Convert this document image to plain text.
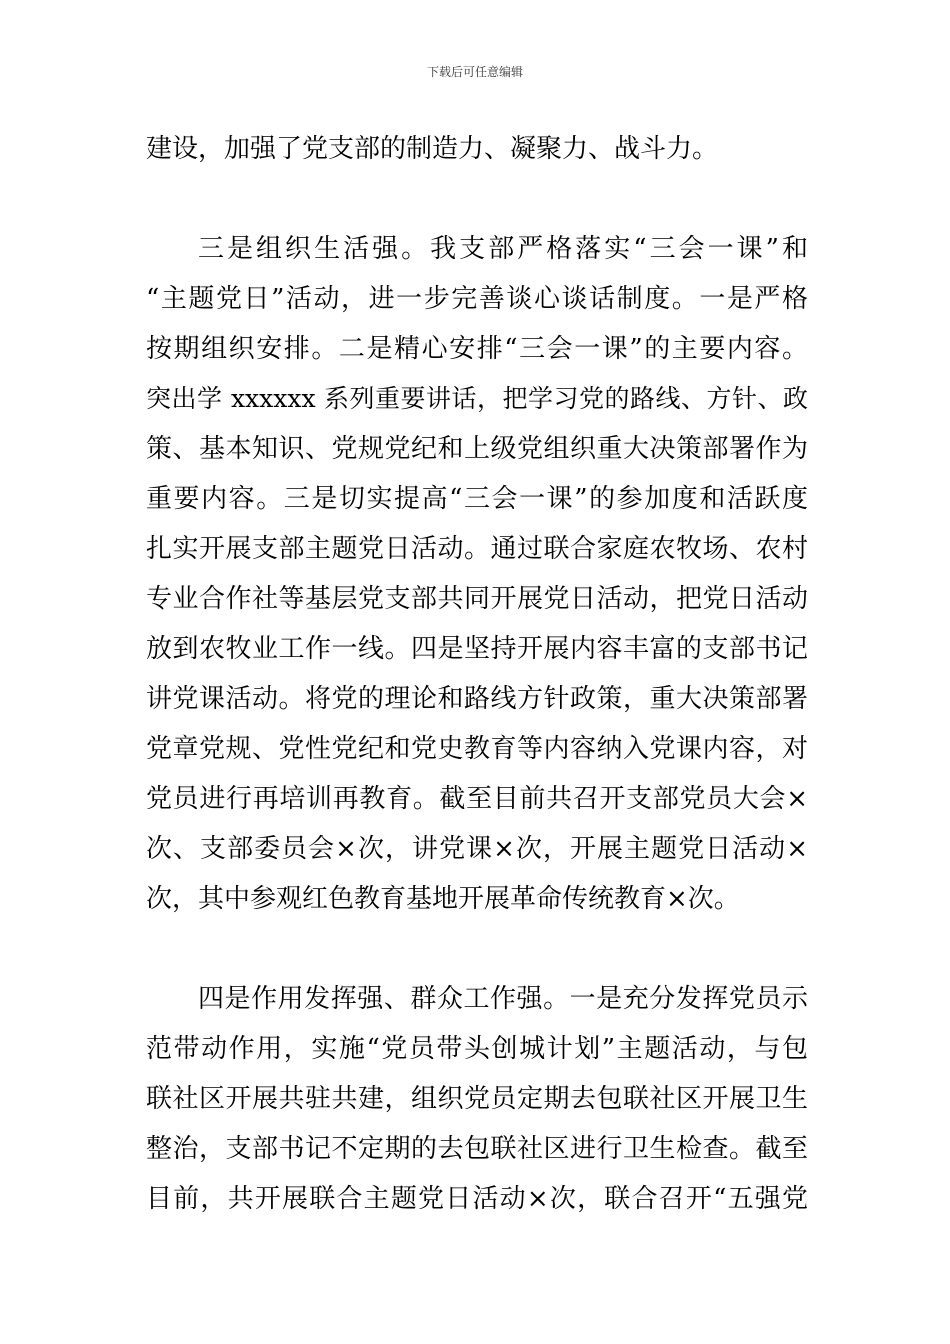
下载后可任意编辑
建设，加强了党支部的制造力、凝聚力、战斗力。
三是组织生活强。我支部严格落实“三会一课”和
“主题党日”活动，进一步完善谈心谈话制度。一是严格
按期组织安排。二是精心安排“三会一课”的主要内容。
突出学 xxxxxx 系列重要讲话，把学习党的路线、方针、政
策、基本知识、党规党纪和上级党组织重大决策部署作为
重要内容。三是切实提高“三会一课”的参加度和活跃度
扎实开展支部主题党日活动。通过联合家庭农牧场、农村
专业合作社等基层党支部共同开展党日活动，把党日活动
放到农牧业工作一线。四是坚持开展内容丰富的支部书记
讲党课活动。将党的理论和路线方针政策，重大决策部署
党章党规、党性党纪和党史教育等内容纳入党课内容，对
党员进行再培训再教育。截至目前共召开支部党员大会×
次、支部委员会×次，讲党课×次，开展主题党日活动×
次，其中参观红色教育基地开展革命传统教育×次。
四是作用发挥强、群众工作强。一是充分发挥党员示
范带动作用，实施“党员带头创城计划”主题活动，与包
联社区开展共驻共建，组织党员定期去包联社区开展卫生
整治，支部书记不定期的去包联社区进行卫生检查。截至
目前，共开展联合主题党日活动×次，联合召开“五强党
